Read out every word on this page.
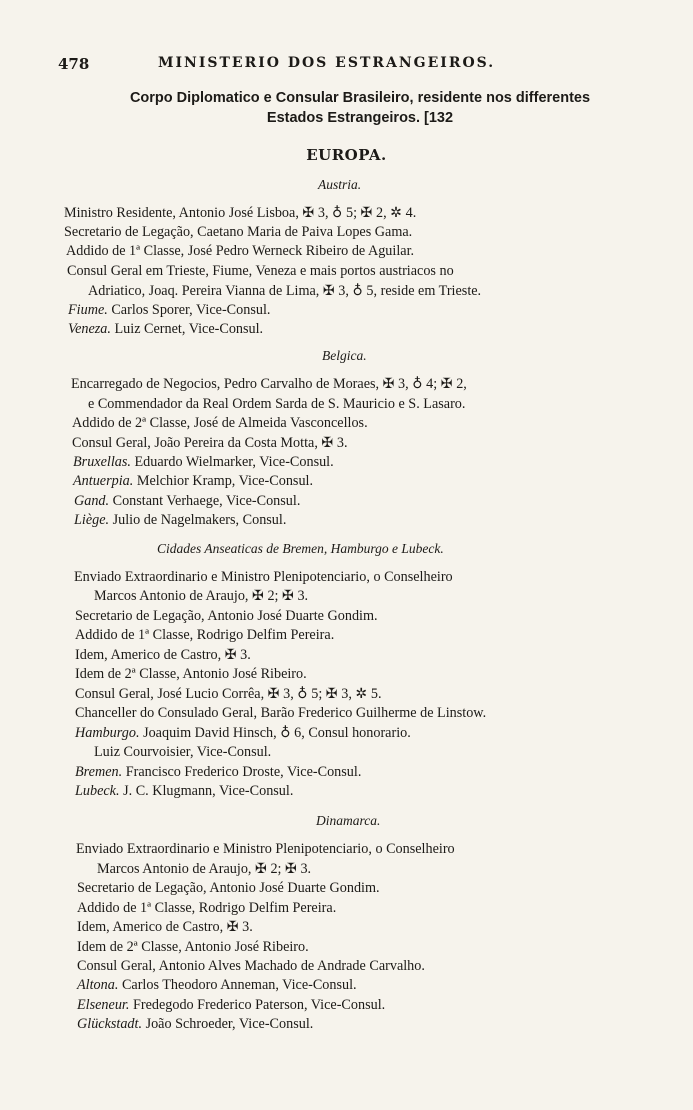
478	MINISTERIO DOS ESTRANGEIROS.
Corpo Diplomatico e Consular Brasileiro, residente nos differentes
Estados Estrangeiros. [132
EUROPA.
Austria.
Ministro Residente, Antonio José Lisboa, ✠ 3, ♁ 5; ✠ 2, ✲ 4.
Secretario de Legação, Caetano Maria de Paiva Lopes Gama.
Addido de 1ª Classe, José Pedro Werneck Ribeiro de Aguilar.
Consul Geral em Trieste, Fiume, Veneza e mais portos austriacos no
Adriatico, Joaq. Pereira Vianna de Lima, ✠ 3, ♁ 5, reside em Trieste.
Fiume. Carlos Sporer, Vice-Consul.
Veneza. Luiz Cernet, Vice-Consul.
Belgica.
Encarregado de Negocios, Pedro Carvalho de Moraes, ✠ 3, ♁ 4; ✠ 2,
e Commendador da Real Ordem Sarda de S. Mauricio e S. Lasaro.
Addido de 2ª Classe, José de Almeida Vasconcellos.
Consul Geral, João Pereira da Costa Motta, ✠ 3.
Bruxellas. Eduardo Wielmarker, Vice-Consul.
Antuerpia. Melchior Kramp, Vice-Consul.
Gand. Constant Verhaege, Vice-Consul.
Liège. Julio de Nagelmakers, Consul.
Cidades Anseaticas de Bremen, Hamburgo e Lubeck.
Enviado Extraordinario e Ministro Plenipotenciario, o Conselheiro
Marcos Antonio de Araujo, ✠ 2; ✠ 3.
Secretario de Legação, Antonio José Duarte Gondim.
Addido de 1ª Classe, Rodrigo Delfim Pereira.
Idem, Americo de Castro, ✠ 3.
Idem de 2ª Classe, Antonio José Ribeiro.
Consul Geral, José Lucio Corrêa, ✠ 3, ♁ 5; ✠ 3, ✲ 5.
Chanceller do Consulado Geral, Barão Frederico Guilherme de Linstow.
Hamburgo. Joaquim David Hinsch, ♁ 6, Consul honorario.
Luiz Courvoisier, Vice-Consul.
Bremen. Francisco Frederico Droste, Vice-Consul.
Lubeck. J. C. Klugmann, Vice-Consul.
Dinamarca.
Enviado Extraordinario e Ministro Plenipotenciario, o Conselheiro
Marcos Antonio de Araujo, ✠ 2; ✠ 3.
Secretario de Legação, Antonio José Duarte Gondim.
Addido de 1ª Classe, Rodrigo Delfim Pereira.
Idem, Americo de Castro, ✠ 3.
Idem de 2ª Classe, Antonio José Ribeiro.
Consul Geral, Antonio Alves Machado de Andrade Carvalho.
Altona. Carlos Theodoro Anneman, Vice-Consul.
Elseneur. Fredegodo Frederico Paterson, Vice-Consul.
Glückstadt. João Schroeder, Vice-Consul.
